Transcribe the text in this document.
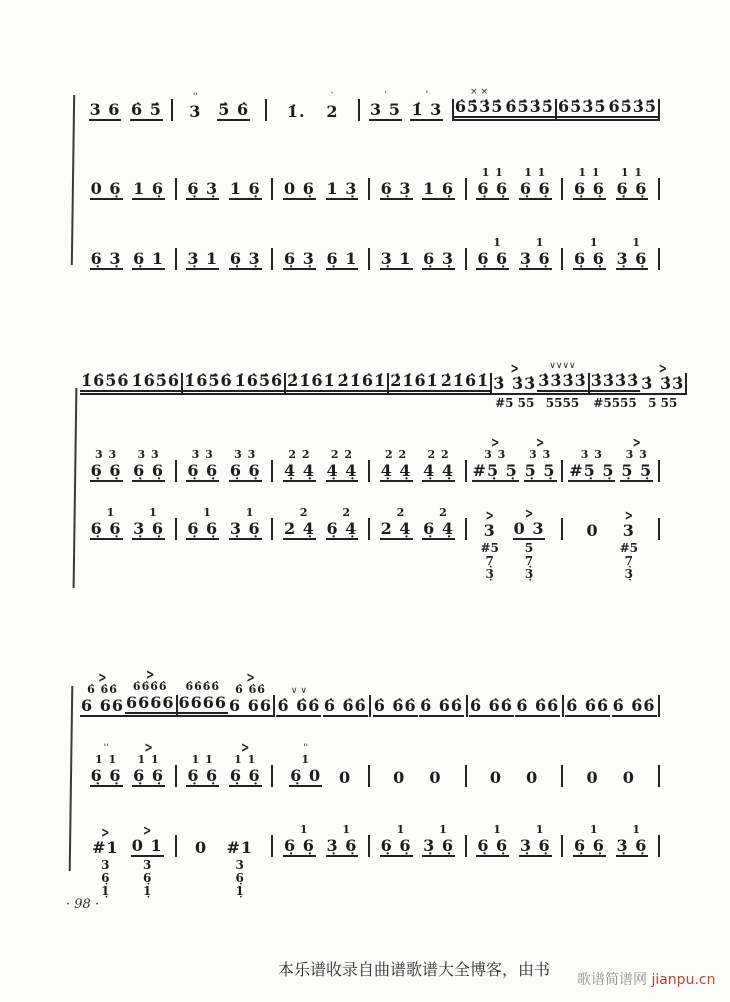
3 6 6̇ 5̇
''
3 5̇ 6̇ 1̇.
`
2
'
3 5
'
1̇ 3
× ×
6̇5̇3̇5̇ 6̇5̇3̇5̇ 6̇5̇3̇5̇ 6̇5̇3̇5̇
0 6̣ 1 6̣ 6̣ 3̣ 1 6̣ 0 6̣ 1 3̣ 6̣ 3̣ 1 6̣
1 1
6̣ 6̣
1 1
6̣ 6̣
1 1
6̣ 6̣
1 1
6̣ 6̣
6̣ 3̣ 6̣ 1 3̣ 1 6̣ 3̣ 6̣ 3̣ 6̣ 1 3̣ 1 6̣ 3̣
1
6̣ 6̣
1
3̣ 6̣
1
6̣ 6̣
1
3̣ 6̣
1̇6̇5̇6̇ 1̇6̇5̇6̇ 1̇6̇5̇6̇ 1̇6̇5̇6̇ 2̇1̇6̇1̇ 2̇1̇6̇1̇ 2̇1̇6̇1̇ 2̇1̇6̇1̇
>
3̇ 3̇3̇
#5 55
∨∨∨∨
3̇3̇3̇3̇
5555
3̇3̇3̇3̇
#5555
>
3̇ 3̇3̇
5 55
3 3
6̣ 6̣
3 3
6̣ 6̣
3 3
6̣ 6̣
3 3
6̣ 6̣
2 2
4̣ 4̣
2 2
4̣ 4̣
2 2
4̣ 4̣
2 2
4̣ 4̣
>
3 3
#5̣ 5̣
>
3 3
5̣ 5̣
3 3
#5̣ 5̣
>
3 3
5̣ 5̣
1
6̣ 6̣
1
3̣ 6̣
1
6̣ 6̣
1
3̣ 6̣
2
2 4̣
2
6̣ 4̣
2
2 4̣
2
6̣ 4̣
>
3
#5
7̣
3̣
>
0 3
5
7̣
3̣
0
>
3
#5
7̣
3̣
>
6̇ 6̇6̇
6 66
>
6̇6̇6̇6̇
6666
6̇6̇6̇6̇
6666
>
6̇ 6̇6̇
6 66
∨ ∨
6̇ 6̇6̇ 6̇ 6̇6̇ 6̇ 6̇6̇ 6̇ 6̇6̇ 6̇ 6̇6̇ 6̇ 6̇6̇ 6̇ 6̇6̇ 6̇ 6̇6̇
''
1 1
6̣ 6̣
>
1 1
6̣ 6̣
1 1
6̣ 6̣
>
1 1
6̣ 6̣
''
1
6̣ 0 0	0 0	0 0	0 0
>
#1
3
6̣
1̣
>
0 1
3
6̣
1̣
0 #1
3
6̣
1̣
1
6̣ 6̣
1
3̣ 6̣
1
6̣ 6̣
1
3̣ 6̣
1
6̣ 6̣
1
3̣ 6̣
1
6̣ 6̣
1
3̣ 6̣
· 98 ·
本乐谱收录自曲谱歌谱大全博客，由书
歌谱简谱网 jianpu.cn
